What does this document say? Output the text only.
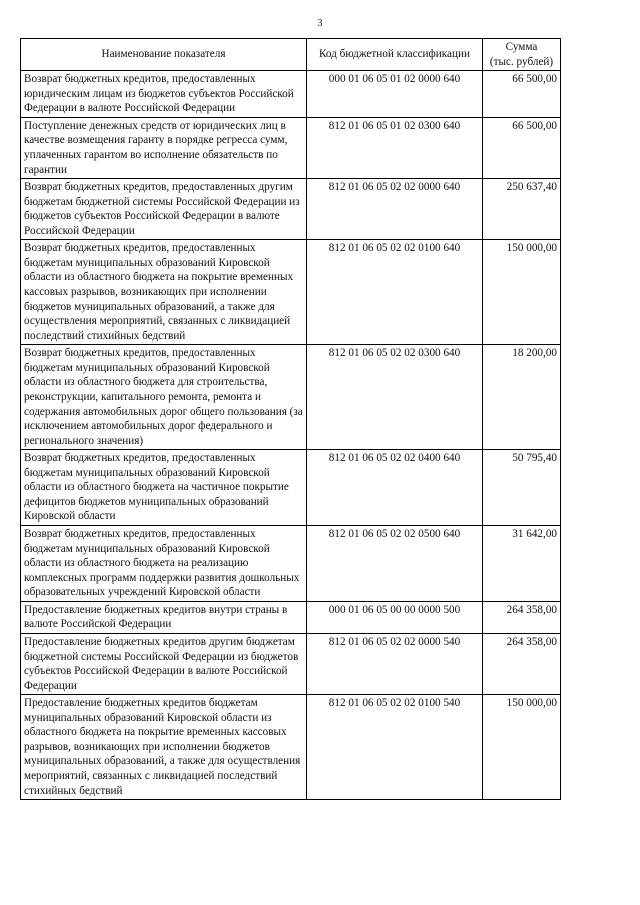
3
Наименование показателя	Код бюджетной классификации	Сумма
(тыс. рублей)
Возврат бюджетных кредитов, предоставленных юридическим лицам из бюджетов субъектов Российской Федерации в валюте Российской Федерации	000 01 06 05 01 02 0000 640	66 500,00
Поступление денежных средств от юридических лиц в качестве возмещения гаранту в порядке регресса сумм, уплаченных гарантом во исполнение обязательств по гарантии	812 01 06 05 01 02 0300 640	66 500,00
Возврат бюджетных кредитов, предоставленных другим бюджетам бюджетной системы Российской Федерации из бюджетов субъектов Российской Федерации в валюте Российской Федерации	812 01 06 05 02 02 0000 640	250 637,40
Возврат бюджетных кредитов, предоставленных бюджетам муниципальных образований Кировской области из областного бюджета на покрытие временных кассовых разрывов, возникающих при исполнении бюджетов муниципальных образований, а также для осуществления мероприятий, связанных с ликвидацией последствий стихийных бедствий	812 01 06 05 02 02 0100 640	150 000,00
Возврат бюджетных кредитов, предоставленных бюджетам муниципальных образований Кировской области из областного бюджета для строительства, реконструкции, капитального ремонта, ремонта и содержания автомобильных дорог общего пользования (за исключением автомобильных дорог федерального и регионального значения)	812 01 06 05 02 02 0300 640	18 200,00
Возврат бюджетных кредитов, предоставленных бюджетам муниципальных образований Кировской области из областного бюджета на частичное покрытие дефицитов бюджетов муниципальных образований Кировской области	812 01 06 05 02 02 0400 640	50 795,40
Возврат бюджетных кредитов, предоставленных бюджетам муниципальных образований Кировской области из областного бюджета на реализацию комплексных программ поддержки развития дошкольных образовательных учреждений Кировской области	812 01 06 05 02 02 0500 640	31 642,00
Предоставление бюджетных кредитов внутри страны в валюте Российской Федерации	000 01 06 05 00 00 0000 500	264 358,00
Предоставление бюджетных кредитов другим бюджетам бюджетной системы Российской Федерации из бюджетов субъектов Российской Федерации в валюте Российской Федерации	812 01 06 05 02 02 0000 540	264 358,00
Предоставление бюджетных кредитов бюджетам муниципальных образований Кировской области из областного бюджета на покрытие временных кассовых разрывов, возникающих при исполнении бюджетов муниципальных образований, а также для осуществления мероприятий, связанных с ликвидацией последствий стихийных бедствий	812 01 06 05 02 02 0100 540	150 000,00
